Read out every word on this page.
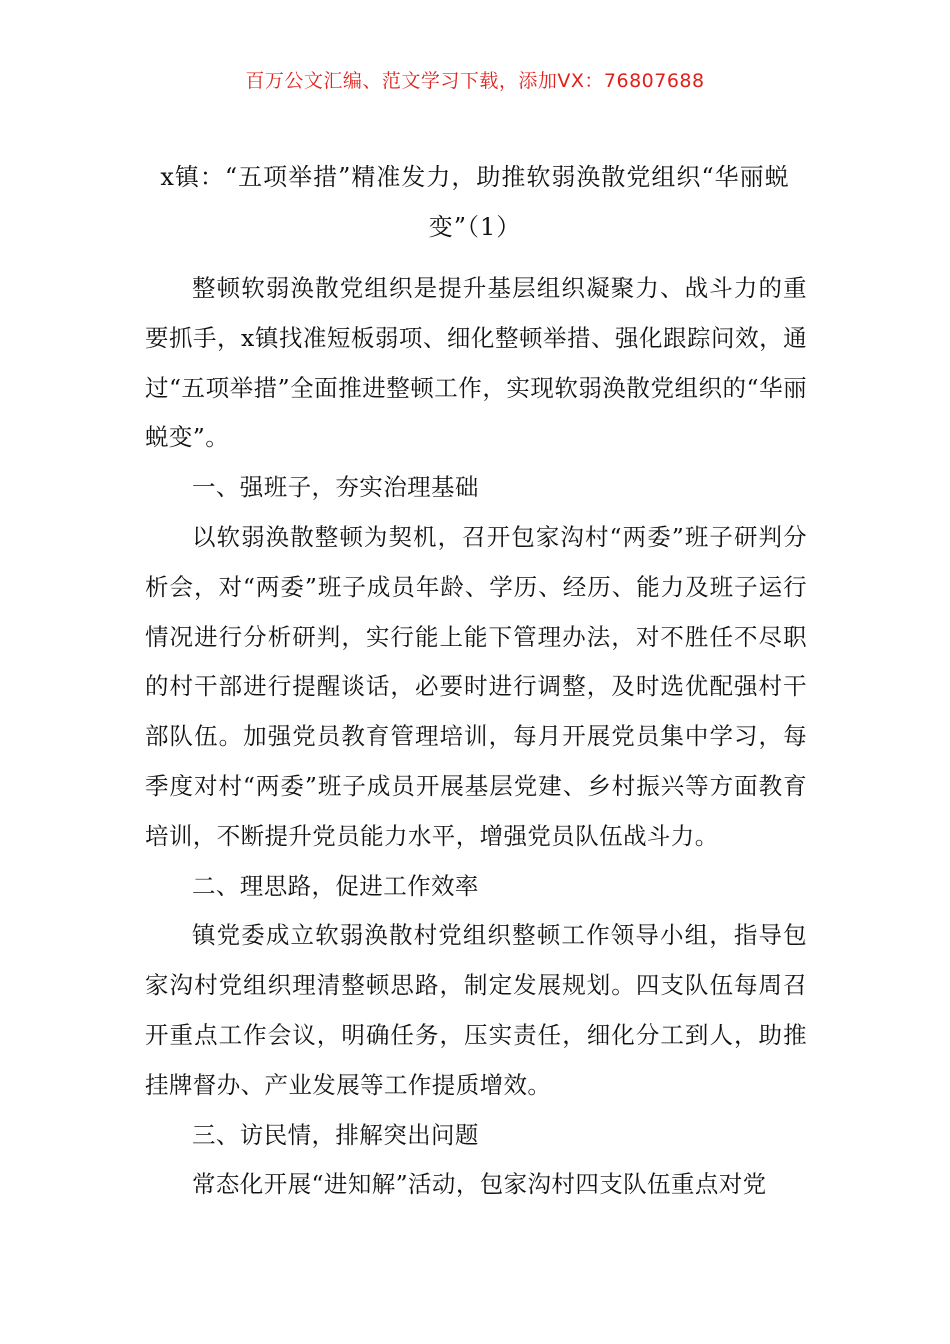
百万公文汇编、范文学习下载，添加VX：76807688
x镇：“五项举措”精准发力，助推软弱涣散党组织“华丽蜕变”（1）

整顿软弱涣散党组织是提升基层组织凝聚力、战斗力的重要抓手，x镇找准短板弱项、细化整顿举措、强化跟踪问效，通过“五项举措”全面推进整顿工作，实现软弱涣散党组织的“华丽蜕变”。

一、强班子，夯实治理基础

以软弱涣散整顿为契机，召开包家沟村“两委”班子研判分析会，对“两委”班子成员年龄、学历、经历、能力及班子运行情况进行分析研判，实行能上能下管理办法，对不胜任不尽职的村干部进行提醒谈话，必要时进行调整，及时选优配强村干部队伍。加强党员教育管理培训，每月开展党员集中学习，每季度对村“两委”班子成员开展基层党建、乡村振兴等方面教育培训，不断提升党员能力水平，增强党员队伍战斗力。

二、理思路，促进工作效率

镇党委成立软弱涣散村党组织整顿工作领导小组，指导包家沟村党组织理清整顿思路，制定发展规划。四支队伍每周召开重点工作会议，明确任务，压实责任，细化分工到人，助推挂牌督办、产业发展等工作提质增效。

三、访民情，排解突出问题

常态化开展“进知解”活动，包家沟村四支队伍重点对党
